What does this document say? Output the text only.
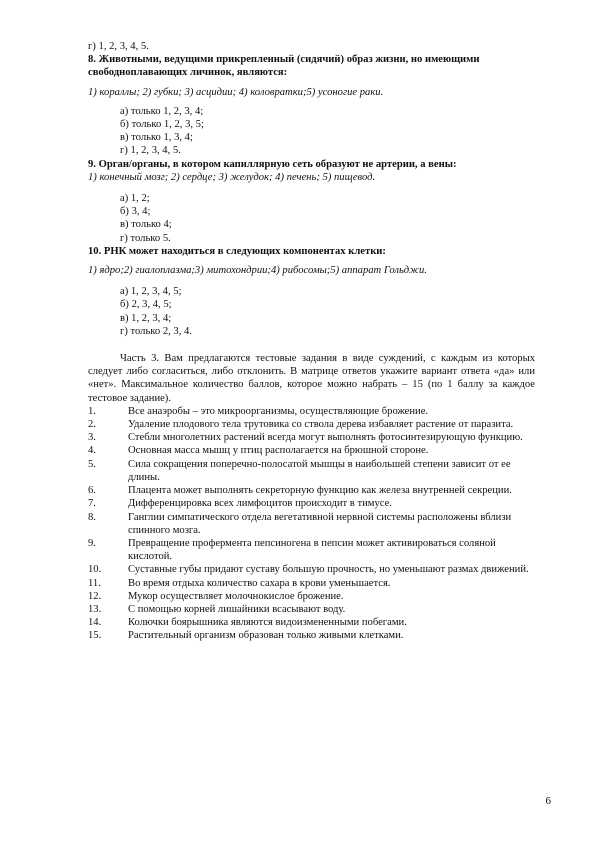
г) 1, 2, 3, 4, 5.
8. Животными, ведущими прикрепленный (сидячий) образ жизни, но имеющими свободноплавающих личинок, являются:
1) кораллы; 2) губки; 3) асцидии; 4) коловратки;5) усоногие раки.
а) только 1, 2, 3, 4;
б) только 1, 2, 3, 5;
в) только 1, 3, 4;
г) 1, 2, 3, 4, 5.
9. Орган/органы, в котором капиллярную сеть образуют не артерии, а вены:
1) конечный мозг; 2) сердце; 3) желудок; 4) печень; 5) пищевод.
а) 1, 2;
б) 3, 4;
в) только 4;
г) только 5.
10. РНК может находиться в следующих компонентах клетки:
1) ядро;2) гиалоплазма;3) митохондрии;4) рибосомы;5) аппарат Гольджи.
а) 1, 2, 3, 4, 5;
б) 2, 3, 4, 5;
в) 1, 2, 3, 4;
г) только 2, 3, 4.
Часть 3. Вам предлагаются тестовые задания в виде суждений, с каждым из которых следует либо согласиться, либо отклонить. В матрице ответов укажите вариант ответа «да» или «нет». Максимальное количество баллов, которое можно набрать – 15 (по 1 баллу за каждое тестовое задание).
1.	Все анаэробы – это микроорганизмы, осуществляющие брожение.
2.	Удаление плодового тела трутовика со ствола дерева избавляет растение от паразита.
3.	Стебли многолетних растений всегда могут выполнять фотосинтезирующую функцию.
4.	Основная масса мышц у птиц располагается на брюшной стороне.
5.	Сила сокращения поперечно-полосатой мышцы в наибольшей степени зависит от ее длины.
6.	Плацента может выполнять секреторную функцию как железа внутренней секреции.
7.	Дифференцировка всех лимфоцитов происходит в тимусе.
8.	Ганглии симпатического отдела вегетативной нервной системы расположены вблизи спинного мозга.
9.	Превращение профермента пепсиногена в пепсин может активироваться соляной кислотой.
10.	Суставные губы придают суставу большую прочность, но уменьшают размах движений.
11.	Во время отдыха количество сахара в крови уменьшается.
12.	Мукор осуществляет молочнокислое брожение.
13.	С помощью корней лишайники всасывают воду.
14.	Колючки боярышника являются видоизмененными побегами.
15.	Растительный организм образован только живыми клетками.
6
